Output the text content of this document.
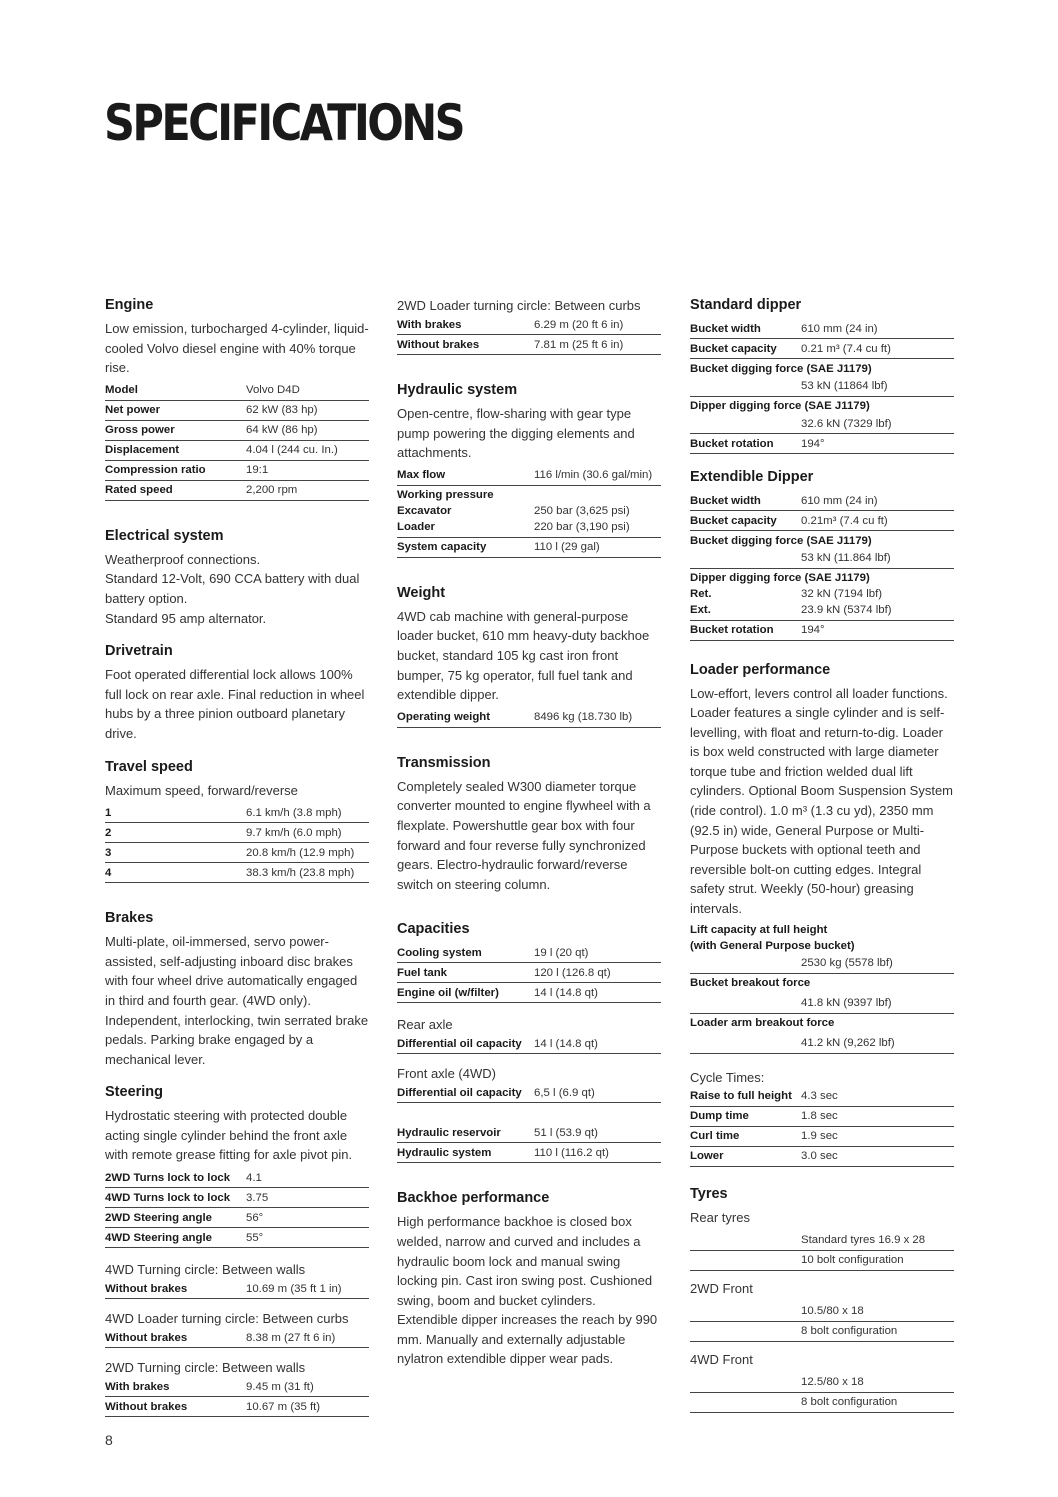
SPECIFICATIONS
Engine
Low emission, turbocharged 4-cylinder, liquid-cooled Volvo diesel engine with 40% torque rise.
Model	Volvo D4D
Net power	62 kW (83 hp)
Gross power	64 kW (86 hp)
Displacement	4.04 l (244 cu. In.)
Compression ratio	19:1
Rated speed	2,200 rpm
Electrical system
Weatherproof connections.
Standard 12-Volt, 690 CCA battery with dual battery option.
Standard 95 amp alternator.
Drivetrain
Foot operated differential lock allows 100% full lock on rear axle. Final reduction in wheel hubs by a three pinion outboard planetary drive.
Travel speed
Maximum speed, forward/reverse
1	6.1 km/h (3.8 mph)
2	9.7 km/h (6.0 mph)
3	20.8 km/h (12.9 mph)
4	38.3 km/h (23.8 mph)
Brakes
Multi-plate, oil-immersed, servo power-assisted, self-adjusting inboard disc brakes with four wheel drive automatically engaged in third and fourth gear. (4WD only). Independent, interlocking, twin serrated brake pedals. Parking brake engaged by a mechanical lever.
Steering
Hydrostatic steering with protected double acting single cylinder behind the front axle with remote grease fitting for axle pivot pin.
2WD Turns lock to lock	4.1
4WD Turns lock to lock	3.75
2WD Steering angle	56°
4WD Steering angle	55°
4WD Turning circle: Between walls
Without brakes	10.69 m (35 ft 1 in)
4WD Loader turning circle: Between curbs
Without brakes	8.38 m (27 ft 6 in)
2WD Turning circle: Between walls
With brakes	9.45 m (31 ft)
Without brakes	10.67 m (35 ft)
2WD Loader turning circle: Between curbs
With brakes	6.29 m (20 ft 6 in)
Without brakes	7.81 m (25 ft 6 in)
Hydraulic system
Open-centre, flow-sharing with gear type pump powering the digging elements and attachments.
Max flow	116 l/min (30.6 gal/min)
Working pressure
Excavator	250 bar (3,625 psi)
Loader	220 bar (3,190 psi)
System capacity	110 l (29 gal)
Weight
4WD cab machine with general-purpose loader bucket, 610 mm heavy-duty backhoe bucket, standard 105 kg cast iron front bumper, 75 kg operator, full fuel tank and extendible dipper.
Operating weight	8496 kg (18.730 lb)
Transmission
Completely sealed W300 diameter torque converter mounted to engine flywheel with a flexplate. Powershuttle gear box with four forward and four reverse fully synchronized gears. Electro-hydraulic forward/reverse switch on steering column.
Capacities
Cooling system	19 l (20 qt)
Fuel tank	120 l (126.8 qt)
Engine oil (w/filter)	14 l (14.8 qt)
Rear axle
Differential oil capacity	14 l (14.8 qt)
Front axle (4WD)
Differential oil capacity	6,5 l (6.9 qt)
Hydraulic reservoir	51 l (53.9 qt)
Hydraulic system	110 l (116.2 qt)
Backhoe performance
High performance backhoe is closed box welded, narrow and curved and includes a hydraulic boom lock and manual swing locking pin. Cast iron swing post. Cushioned swing, boom and bucket cylinders.
Extendible dipper increases the reach by 990 mm. Manually and externally adjustable nylatron extendible dipper wear pads.
Standard dipper
Bucket width	610 mm (24 in)
Bucket capacity	0.21 m³ (7.4 cu ft)
Bucket digging force (SAE J1179)
53 kN (11864 lbf)
Dipper digging force (SAE J1179)
32.6 kN (7329 lbf)
Bucket rotation	194°
Extendible Dipper
Bucket width	610 mm (24 in)
Bucket capacity	0.21m³ (7.4 cu ft)
Bucket digging force (SAE J1179)
53 kN (11.864 lbf)
Dipper digging force (SAE J1179)
Ret.	32 kN (7194 lbf)
Ext.	23.9 kN (5374 lbf)
Bucket rotation	194°
Loader performance
Low-effort, levers control all loader functions. Loader features a single cylinder and is self-levelling, with float and return-to-dig. Loader is box weld constructed with large diameter torque tube and friction welded dual lift cylinders. Optional Boom Suspension System (ride control). 1.0 m³ (1.3 cu yd), 2350 mm (92.5 in) wide, General Purpose or Multi-Purpose buckets with optional teeth and reversible bolt-on cutting edges. Integral safety strut. Weekly (50-hour) greasing intervals.
Lift capacity at full height
(with General Purpose bucket)
2530 kg (5578 lbf)
Bucket breakout force
41.8 kN (9397 lbf)
Loader arm breakout force
41.2 kN (9,262 lbf)
Cycle Times:
Raise to full height 4.3 sec
Dump time	1.8 sec
Curl time	1.9 sec
Lower	3.0 sec
Tyres
Rear tyres
Standard tyres 16.9 x 28
10 bolt configuration
2WD Front
10.5/80 x 18
8 bolt configuration
4WD Front
12.5/80 x 18
8 bolt configuration
8
